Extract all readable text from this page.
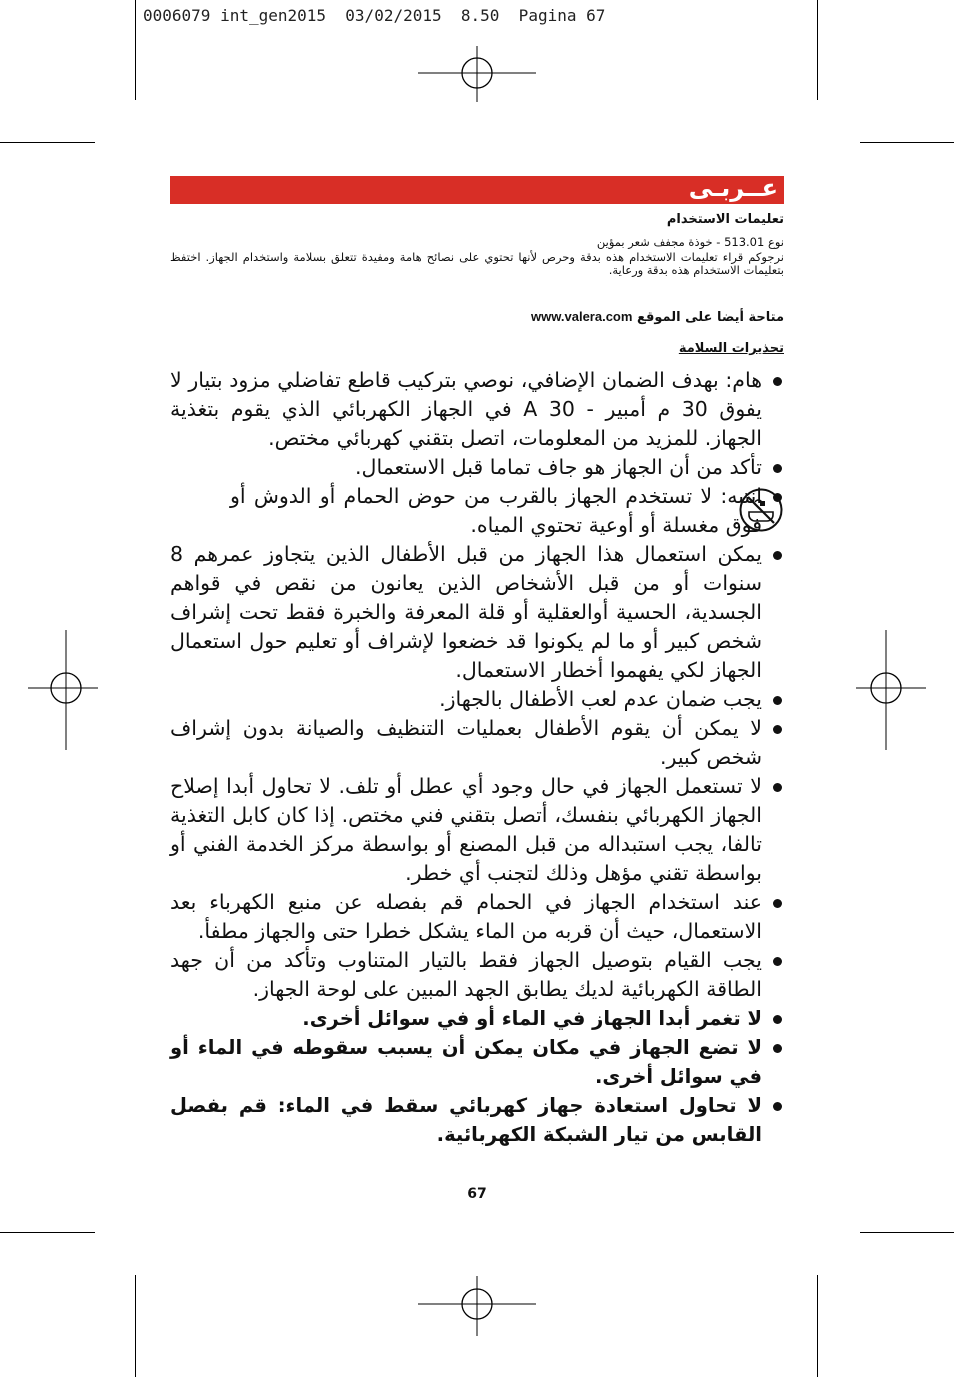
0006079 int_gen2015  03/02/2015  8.50  Pagina 67
عــربـى
تعليمات الاستخدام
نوع 513.01 - خوذة مجفف شعر بمؤين
نرجوكم قراء تعليمات الاستخدام هذه بدقة وحرص لأنها تحتوي على نصائح هامة ومفيدة تتعلق بسلامة واستخدام الجهاز. اختفظ بتعليمات الاستخدام هذه بدقة ورعاية.
متاحة أيضا على الموقع www.valera.com
تحذيرات السلامة
هام: بهدف الضمان الإضافي، نوصي بتركيب قاطع تفاضلي مزود بتيار لا يفوق 30 م أمبير - 30 A في الجهاز الكهربائي الذي يقوم بتغذية الجهاز. للمزيد من المعلومات، اتصل بتقني كهربائي مختص.
تأكد من أن الجهاز هو جاف تماما قبل الاستعمال.
انتبه: لا تستخدم الجهاز بالقرب من حوض الحمام أو الدوش أو فوق مغسلة أو أوعية تحتوي المياه.
يمكن استعمال هذا الجهاز من قبل الأطفال الذين يتجاوز عمرهم 8 سنوات أو من قبل الأشخاص الذين يعانون من نقص في قواهم الجسدية، الحسية أوالعقلية أو قلة المعرفة والخبرة فقط تحت إشراف شخص كبير أو ما لم يكونوا قد خضعوا لإشراف أو تعليم حول استعمال الجهاز لكي يفهموا أخطار الاستعمال.
يجب ضمان عدم لعب الأطفال بالجهاز.
لا يمكن أن يقوم الأطفال بعمليات التنظيف والصيانة بدون إشراف شخص كبير.
لا تستعمل الجهاز في حال وجود أي عطل أو تلف. لا تحاول أبدا إصلاح الجهاز الكهربائي بنفسك، أتصل بتقني فني مختص. إذا كان كابل التغذية تالفا، يجب استبداله من قبل المصنع أو بواسطة مركز الخدمة الفني أو بواسطة تقني مؤهل وذلك لتجنب أي خطر.
عند استخدام الجهاز في الحمام قم بفصله عن منبع الكهرباء بعد الاستعمال، حيث أن قربه من الماء يشكل خطرا حتى والجهاز مطفأ.
يجب القيام بتوصيل الجهاز فقط بالتيار المتناوب وتأكد من أن جهد الطاقة الكهربائية لديك يطابق الجهد المبين على لوحة الجهاز.
لا تغمر أبدا الجهاز في الماء أو في سوائل أخرى.
لا تضع الجهاز في مكان يمكن أن يسبب سقوطه في الماء أو في سوائل أخرى.
لا تحاول استعادة جهاز كهربائي سقط في الماء: قم بفصل القابس من تيار الشبكة الكهربائية.
67
